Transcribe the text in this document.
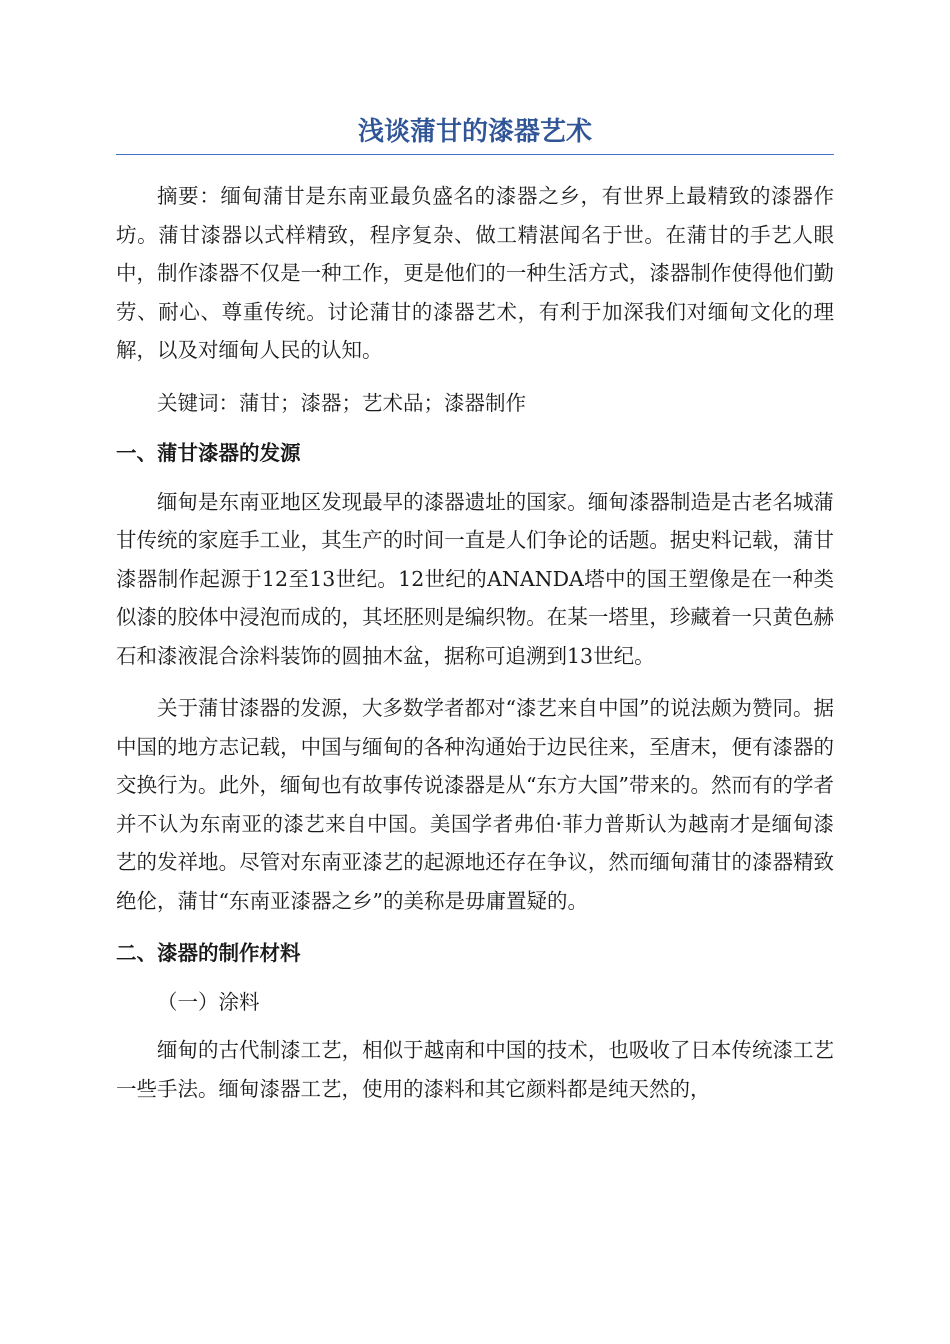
浅谈蒲甘的漆器艺术

摘要：缅甸蒲甘是东南亚最负盛名的漆器之乡，有世界上最精致的漆器作坊。蒲甘漆器以式样精致，程序复杂、做工精湛闻名于世。在蒲甘的手艺人眼中，制作漆器不仅是一种工作，更是他们的一种生活方式，漆器制作使得他们勤劳、耐心、尊重传统。讨论蒲甘的漆器艺术，有利于加深我们对缅甸文化的理解，以及对缅甸人民的认知。

关键词：蒲甘；漆器；艺术品；漆器制作

一、蒲甘漆器的发源

缅甸是东南亚地区发现最早的漆器遗址的国家。缅甸漆器制造是古老名城蒲甘传统的家庭手工业，其生产的时间一直是人们争论的话题。据史料记载，蒲甘漆器制作起源于12至13世纪。12世纪的ANANDA塔中的国王塑像是在一种类似漆的胶体中浸泡而成的，其坯胚则是编织物。在某一塔里，珍藏着一只黄色赫石和漆液混合涂料装饰的圆抽木盆，据称可追溯到13世纪。

关于蒲甘漆器的发源，大多数学者都对“漆艺来自中国”的说法颇为赞同。据中国的地方志记载，中国与缅甸的各种沟通始于边民往来，至唐末，便有漆器的交换行为。此外，缅甸也有故事传说漆器是从“东方大国”带来的。然而有的学者并不认为东南亚的漆艺来自中国。美国学者弗伯·菲力普斯认为越南才是缅甸漆艺的发祥地。尽管对东南亚漆艺的起源地还存在争议，然而缅甸蒲甘的漆器精致绝伦，蒲甘“东南亚漆器之乡”的美称是毋庸置疑的。

二、漆器的制作材料

（一）涂料

缅甸的古代制漆工艺，相似于越南和中国的技术，也吸收了日本传统漆工艺一些手法。缅甸漆器工艺，使用的漆料和其它颜料都是纯天然的，
